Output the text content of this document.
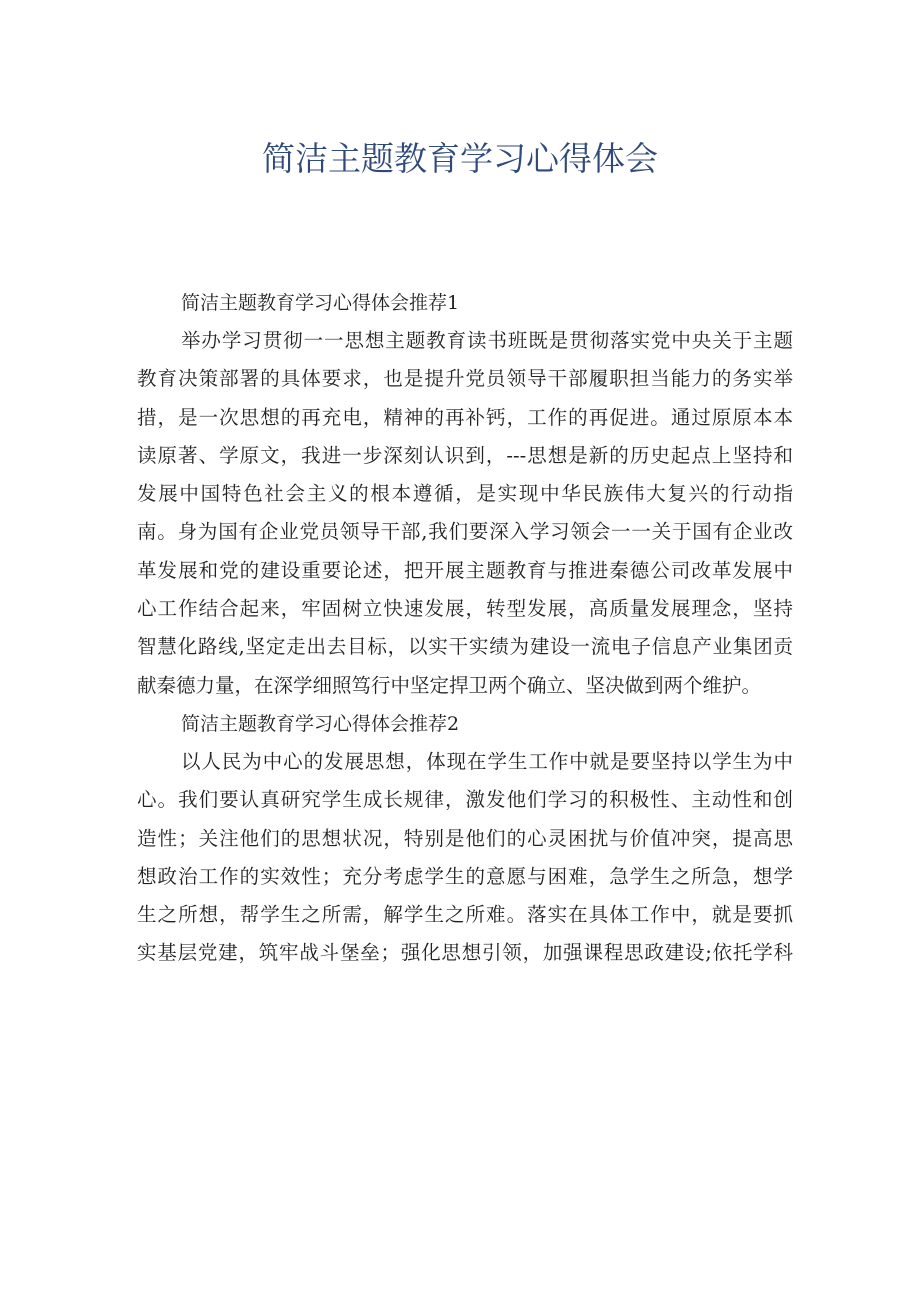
简洁主题教育学习心得体会
简洁主题教育学习心得体会推荐1
举办学习贯彻一一思想主题教育读书班既是贯彻落实党中央关于主题
教育决策部署的具体要求，也是提升党员领导干部履职担当能力的务实举
措，是一次思想的再充电，精神的再补钙，工作的再促进。通过原原本本
读原著、学原文，我进一步深刻认识到，---思想是新的历史起点上坚持和
发展中国特色社会主义的根本遵循，是实现中华民族伟大复兴的行动指
南。身为国有企业党员领导干部,我们要深入学习领会一一关于国有企业改
革发展和党的建设重要论述，把开展主题教育与推进秦德公司改革发展中
心工作结合起来，牢固树立快速发展，转型发展，高质量发展理念，坚持
智慧化路线,坚定走出去目标，以实干实绩为建设一流电子信息产业集团贡
献秦德力量，在深学细照笃行中坚定捍卫两个确立、坚决做到两个维护。
简洁主题教育学习心得体会推荐2
以人民为中心的发展思想，体现在学生工作中就是要坚持以学生为中
心。我们要认真研究学生成长规律，激发他们学习的积极性、主动性和创
造性；关注他们的思想状况，特别是他们的心灵困扰与价值冲突，提高思
想政治工作的实效性；充分考虑学生的意愿与困难，急学生之所急，想学
生之所想，帮学生之所需，解学生之所难。落实在具体工作中，就是要抓
实基层党建，筑牢战斗堡垒；强化思想引领，加强课程思政建设;依托学科
